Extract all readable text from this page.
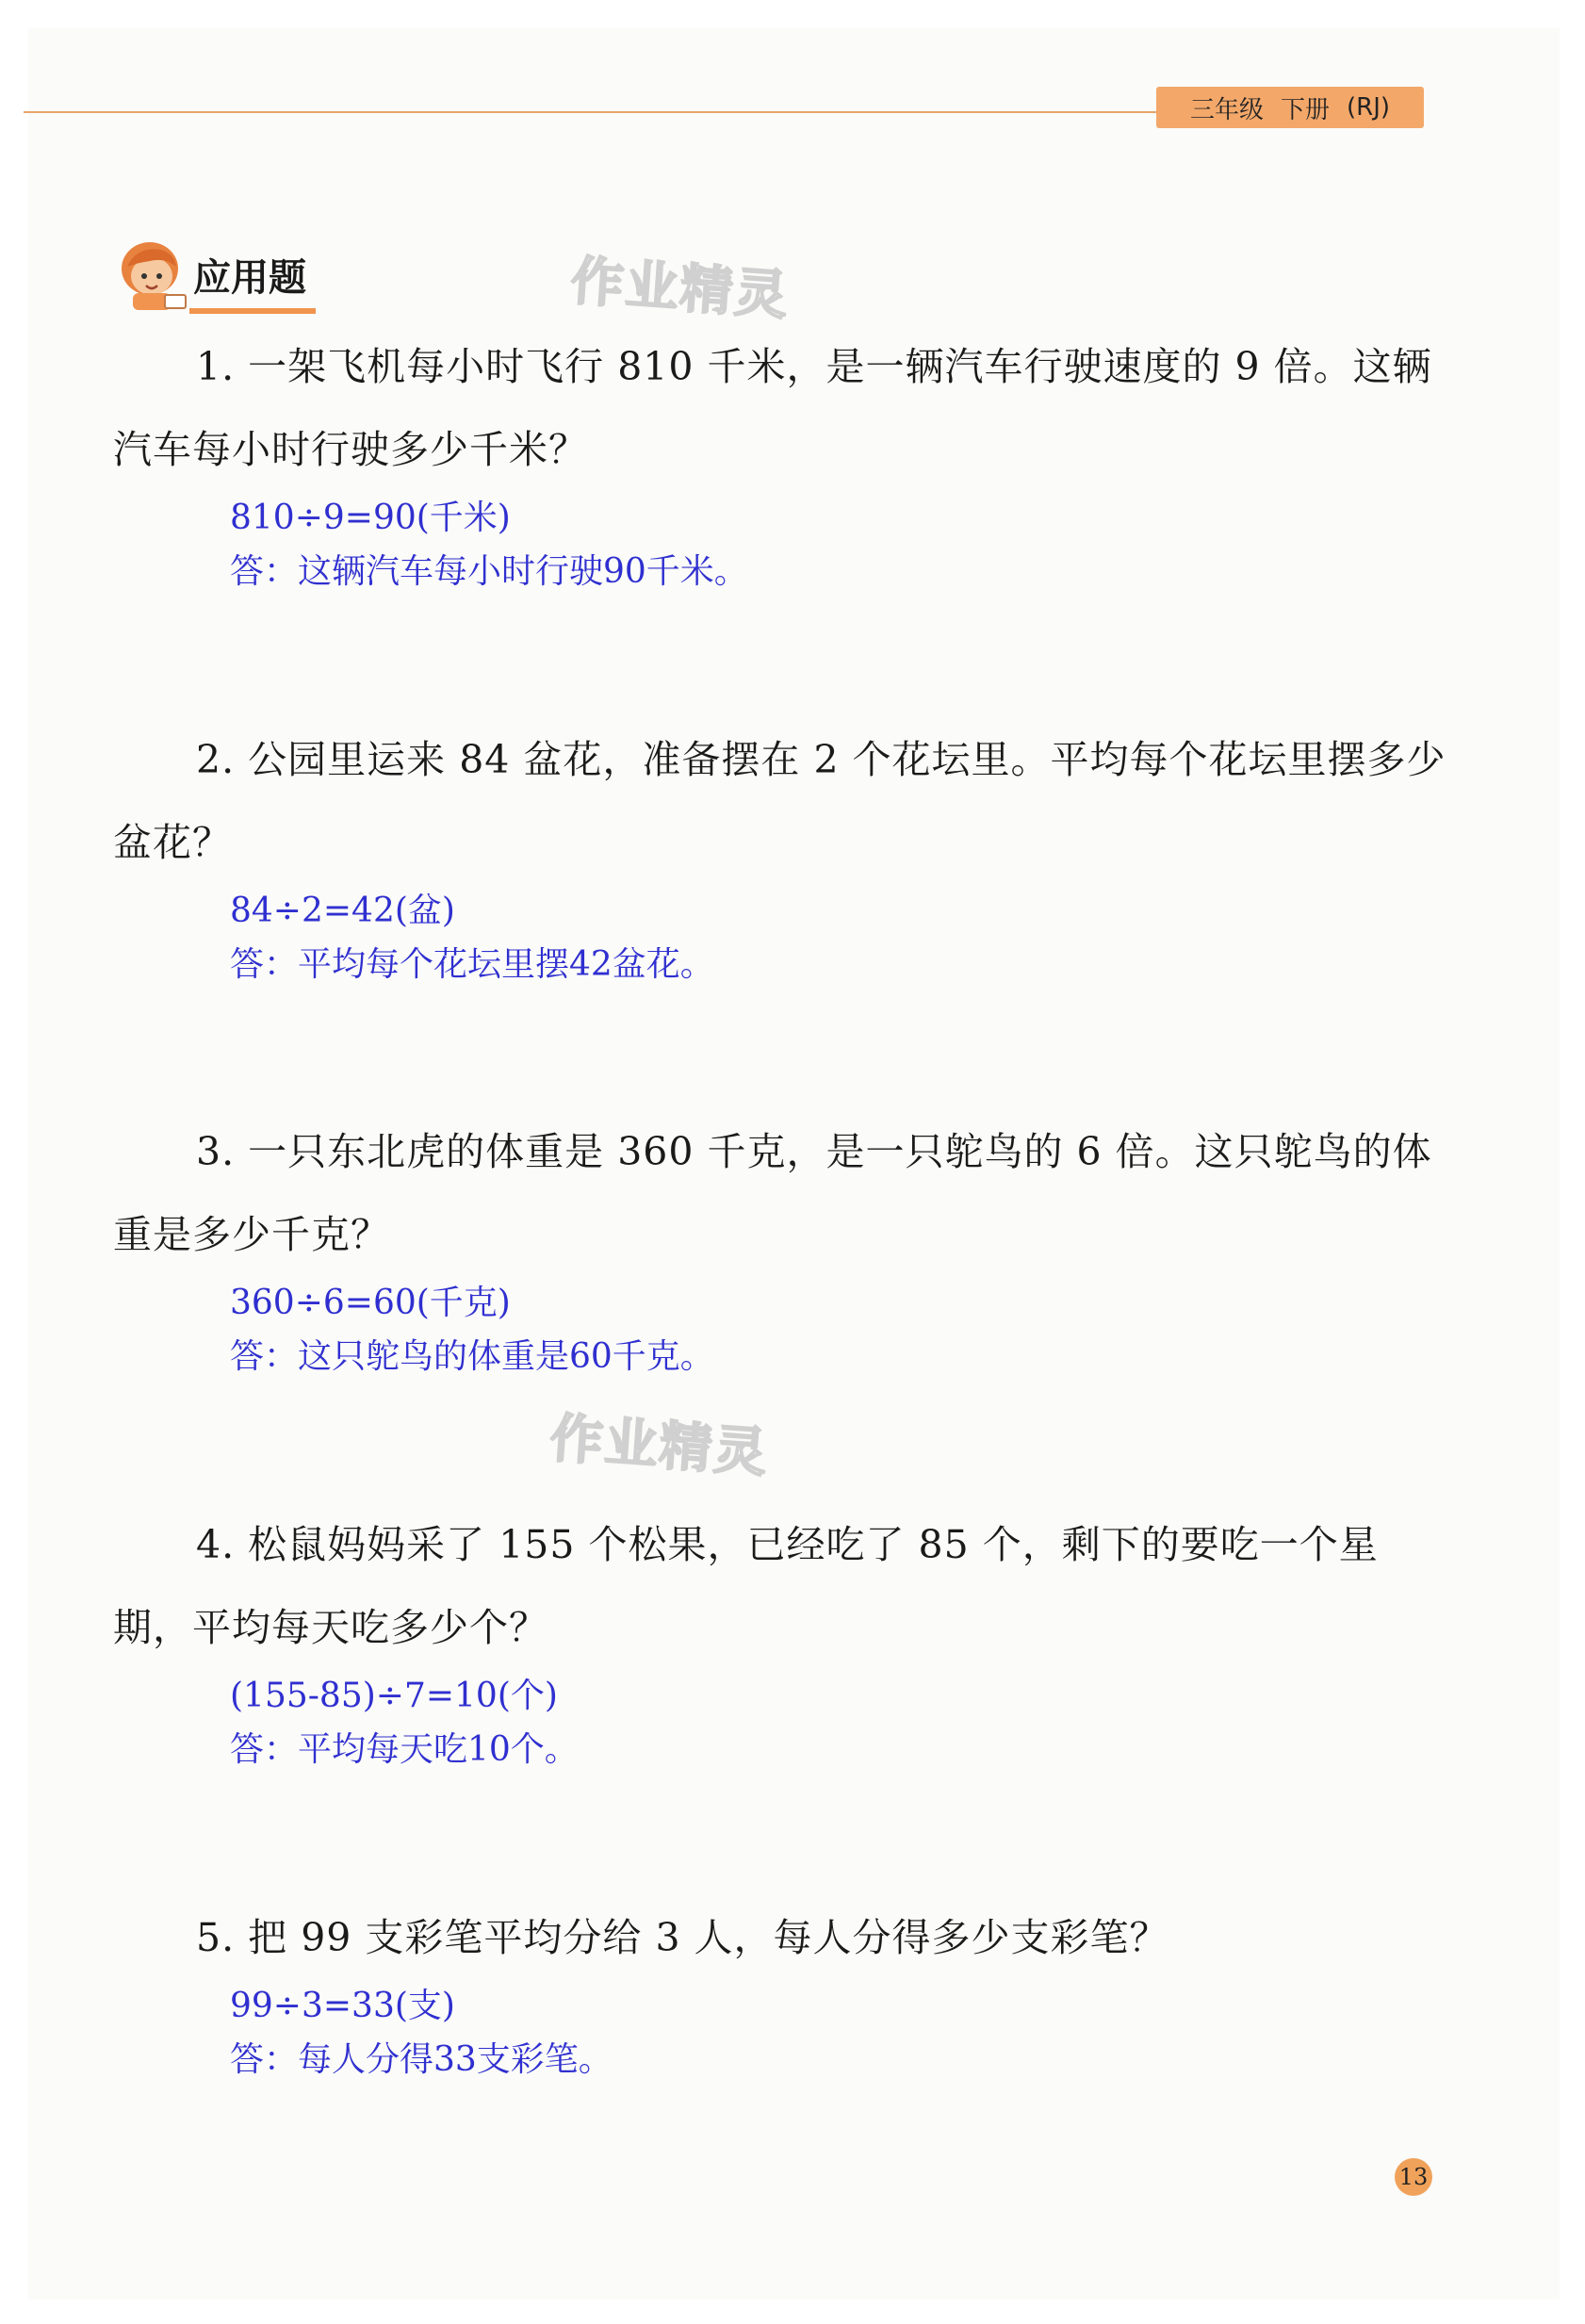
三年级 下册 (RJ)
应用题	作业精灵
作业精灵
1. 一架飞机每小时飞行 810 千米，是一辆汽车行驶速度的 9 倍。这辆汽车每小时行驶多少千米？
810÷9=90(千米)
答：这辆汽车每小时行驶90千米。
2. 公园里运来 84 盆花，准备摆在 2 个花坛里。平均每个花坛里摆多少盆花？
84÷2=42(盆)
答：平均每个花坛里摆42盆花。
3. 一只东北虎的体重是 360 千克，是一只鸵鸟的 6 倍。这只鸵鸟的体重是多少千克？
360÷6=60(千克)
答：这只鸵鸟的体重是60千克。
4. 松鼠妈妈采了 155 个松果，已经吃了 85 个，剩下的要吃一个星期，平均每天吃多少个？
(155-85)÷7=10(个)
答：平均每天吃10个。
5. 把 99 支彩笔平均分给 3 人，每人分得多少支彩笔？
99÷3=33(支)
答：每人分得33支彩笔。
13
